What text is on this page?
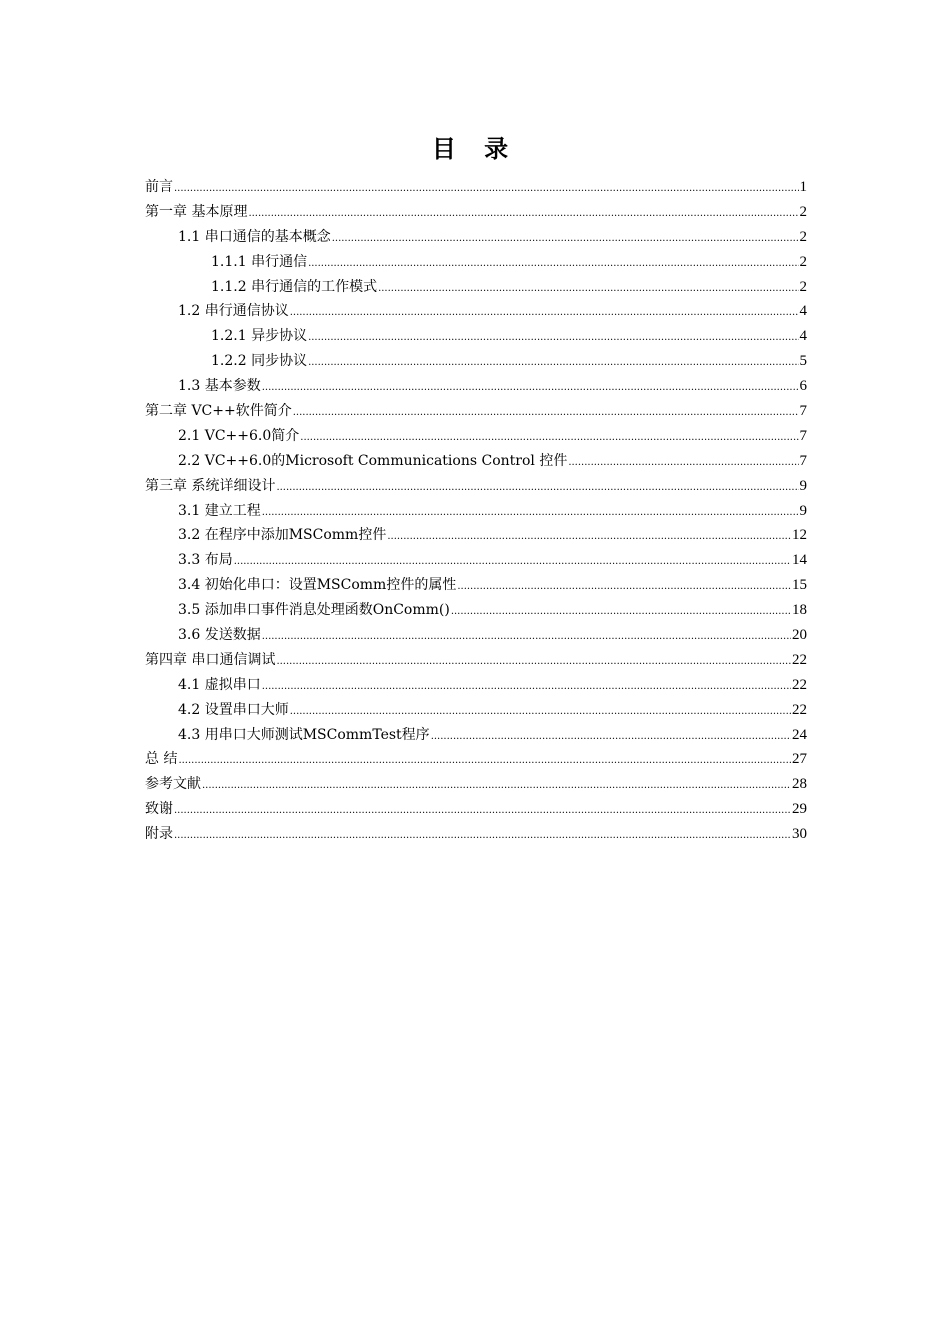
目 录
前言 .....	1
第一章 基本原理 .....	2
1.1 串口通信的基本概念 .....	2
1.1.1 串行通信 .....	2
1.1.2 串行通信的工作模式 .....	2
1.2 串行通信协议 .....	4
1.2.1 异步协议 .....	4
1.2.2 同步协议 .....	5
1.3 基本参数 .....	6
第二章 VC++软件简介 .....	7
2.1 VC++6.0简介 .....	7
2.2 VC++6.0的Microsoft Communications Control 控件 .....	7
第三章 系统详细设计 .....	9
3.1 建立工程 .....	9
3.2 在程序中添加MSComm控件 .....	12
3.3 布局 .....	14
3.4 初始化串口：设置MSComm控件的属性 .....	15
3.5 添加串口事件消息处理函数OnComm() .....	18
3.6 发送数据 .....	20
第四章 串口通信调试 .....	22
4.1 虚拟串口 .....	22
4.2 设置串口大师 .....	22
4.3 用串口大师测试MSCommTest程序 .....	24
总 结 .....	27
参考文献 .....	28
致谢 .....	29
附录 .....	30
